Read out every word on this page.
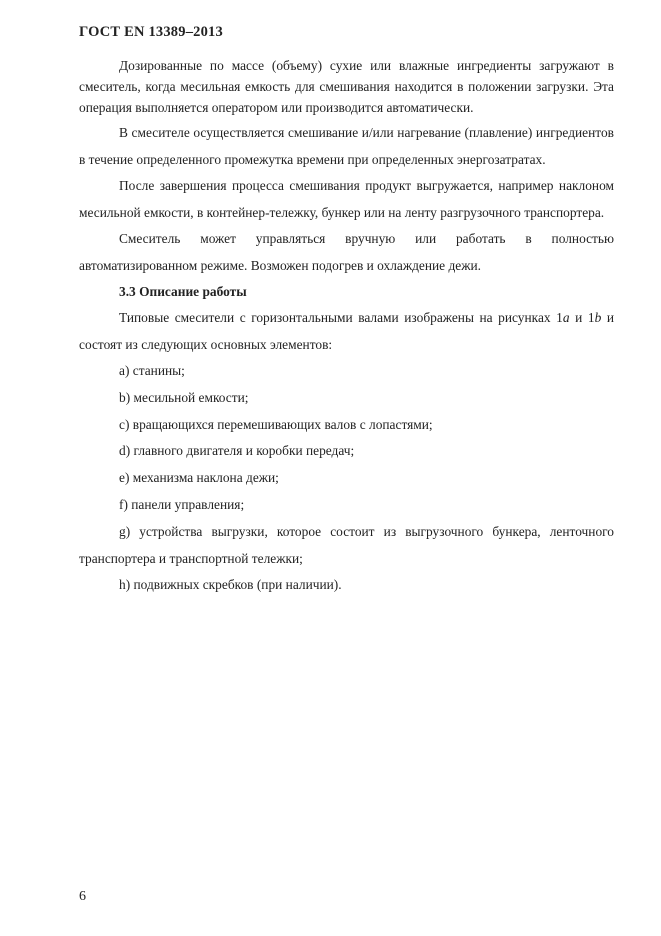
ГОСТ EN 13389–2013

Дозированные по массе (объему) сухие или влажные ингредиенты загружают в смеситель, когда месильная емкость для смешивания находится в положении загрузки. Эта операция выполняется оператором или производится автоматически.

В смесителе осуществляется смешивание и/или нагревание (плавление) ингредиентов в течение определенного промежутка времени при определенных энергозатратах.

После завершения процесса смешивания продукт выгружается, например наклоном месильной емкости, в контейнер-тележку, бункер или на ленту разгрузочного транспортера.

Смеситель может управляться вручную или работать в полностью автоматизированном режиме. Возможен подогрев и охлаждение дежи.

3.3 Описание работы

Типовые смесители с горизонтальными валами изображены на рисунках 1a и 1b и состоят из следующих основных элементов:

a) станины;
b) месильной емкости;
c) вращающихся перемешивающих валов с лопастями;
d) главного двигателя и коробки передач;
e) механизма наклона дежи;
f) панели управления;
g) устройства выгрузки, которое состоит из выгрузочного бункера, ленточного транспортера и транспортной тележки;
h) подвижных скребков (при наличии).
6
